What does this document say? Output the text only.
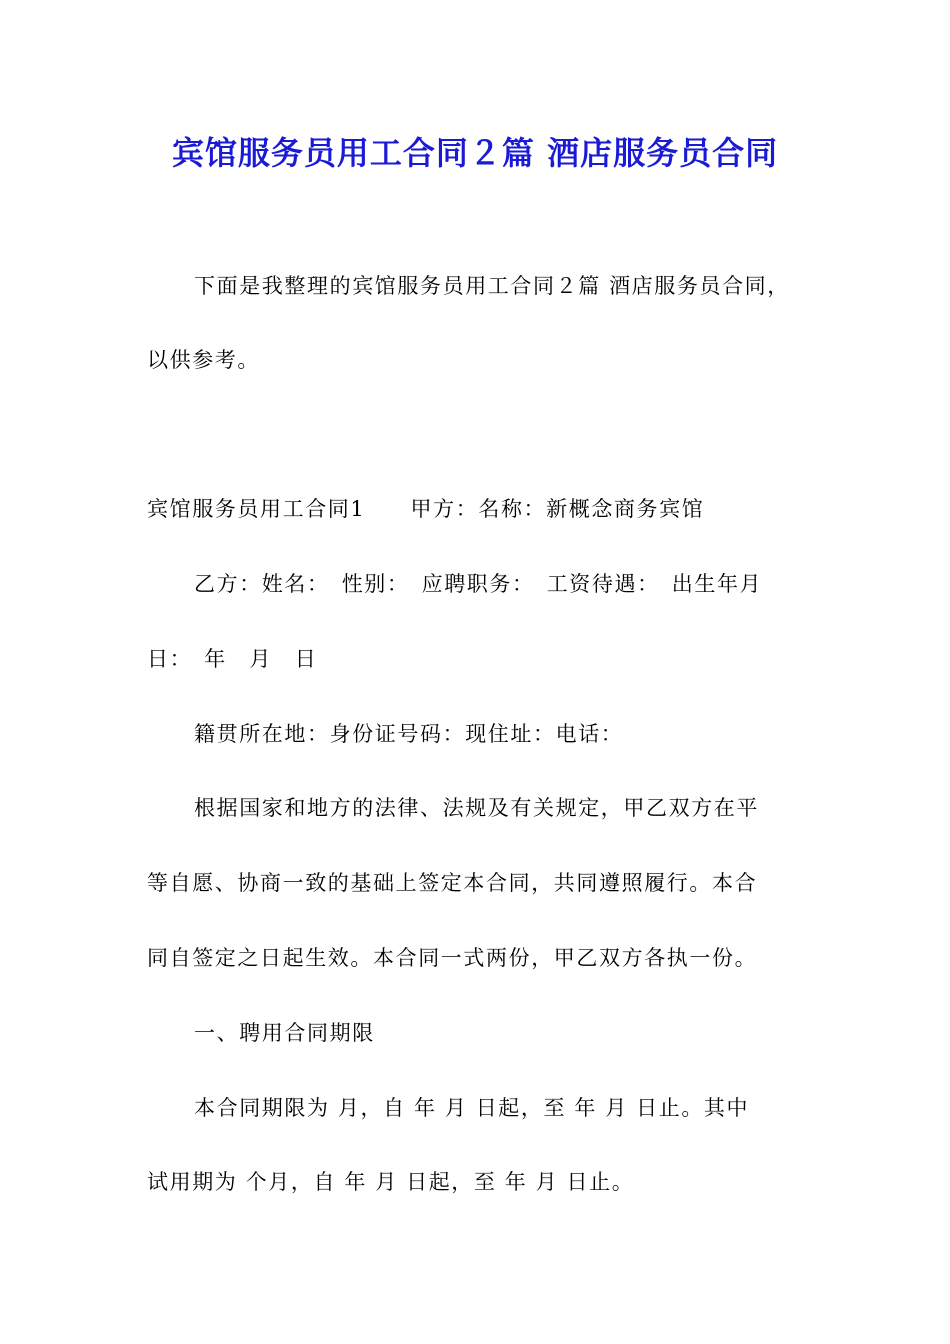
宾馆服务员用工合同２篇 酒店服务员合同
下面是我整理的宾馆服务员用工合同２篇 酒店服务员合同，
以供参考。
宾馆服务员用工合同1　　甲方：名称：新概念商务宾馆
乙方：姓名：　性别：　应聘职务：　工资待遇：　出生年月
日：　年　月　日
籍贯所在地：身份证号码：现住址：电话：
根据国家和地方的法律、法规及有关规定，甲乙双方在平
等自愿、协商一致的基础上签定本合同，共同遵照履行。本合
同自签定之日起生效。本合同一式两份，甲乙双方各执一份。
一、聘用合同期限
本合同期限为 月，自 年 月 日起，至 年 月 日止。其中
试用期为 个月，自 年 月 日起，至 年 月 日止。
